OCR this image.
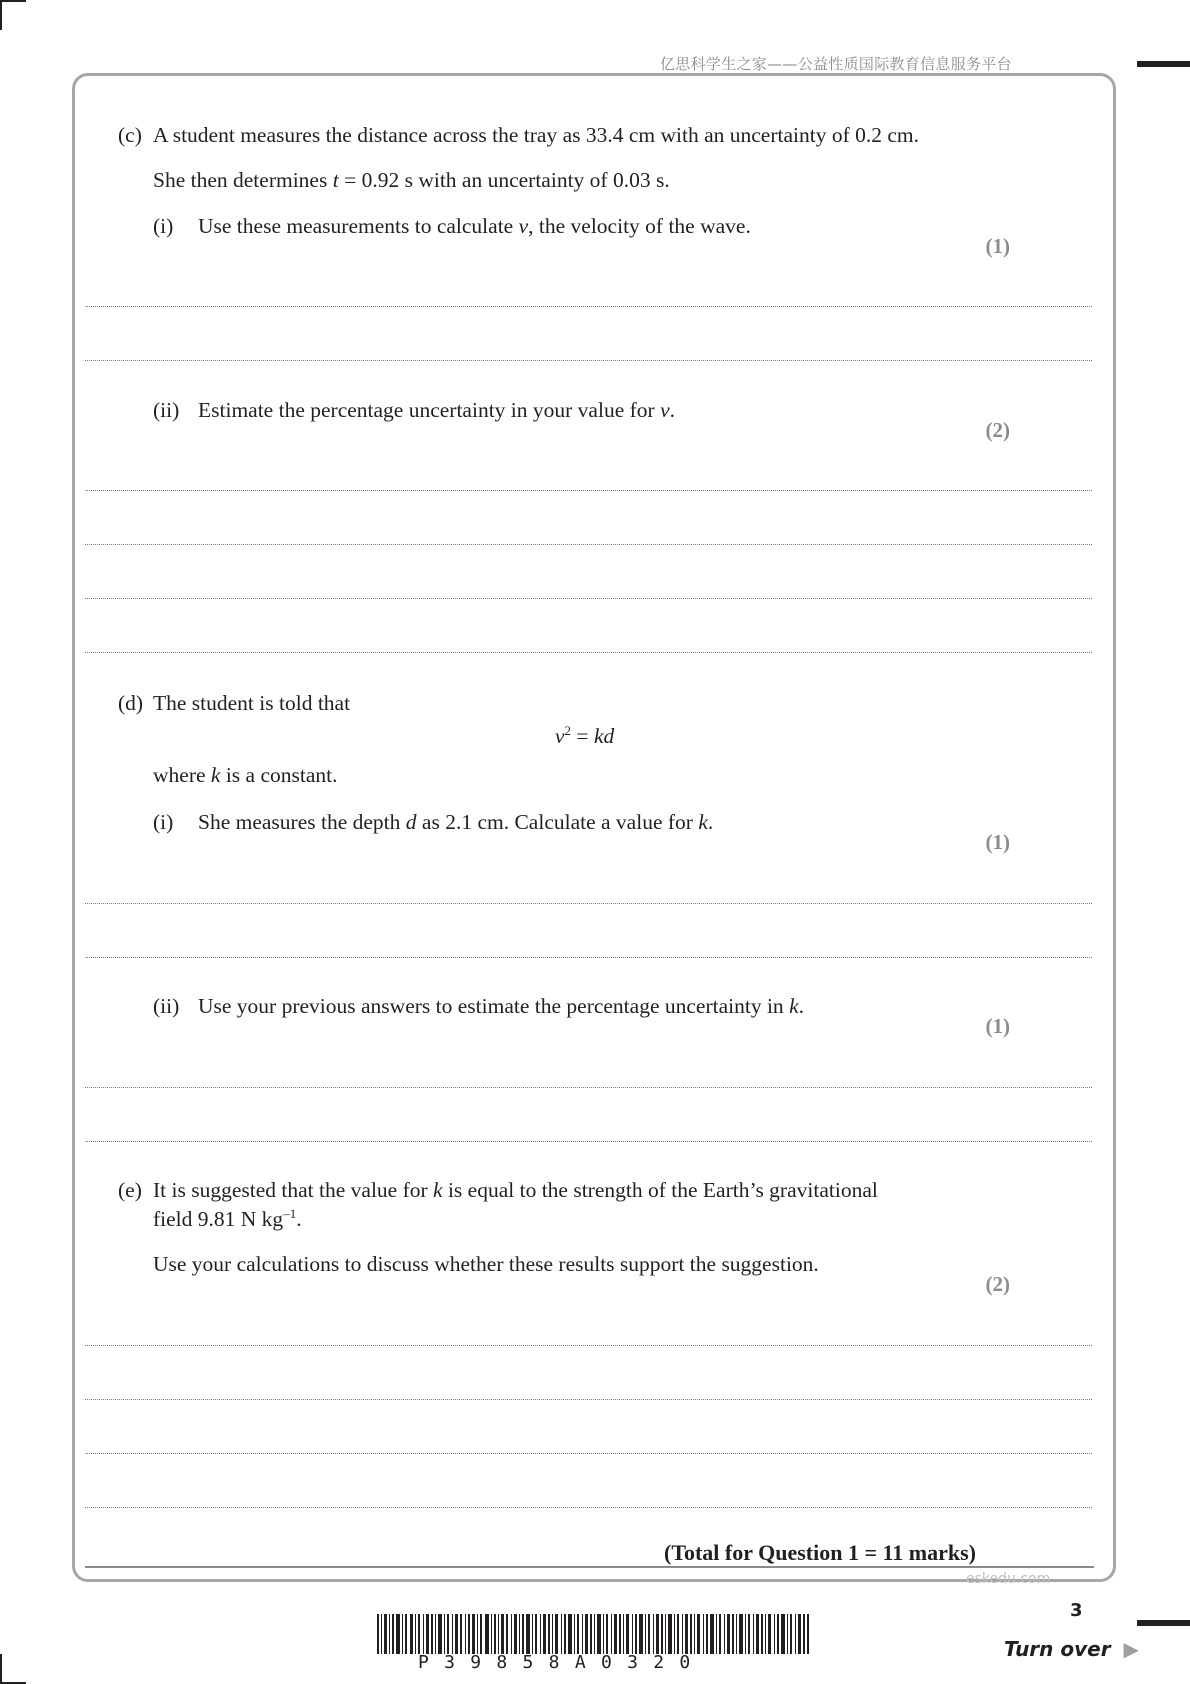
亿思科学生之家——公益性质国际教育信息服务平台
(c) A student measures the distance across the tray as 33.4 cm with an uncertainty of 0.2 cm.
She then determines t = 0.92 s with an uncertainty of 0.03 s.
(i) Use these measurements to calculate v, the velocity of the wave.
(1)
(ii) Estimate the percentage uncertainty in your value for v.
(2)
(d) The student is told that
$v^2$ = kd
where k is a constant.
(i) She measures the depth d as 2.1 cm. Calculate a value for k.
(1)
(ii) Use your previous answers to estimate the percentage uncertainty in k.
(1)
(e) It is suggested that the value for k is equal to the strength of the Earth’s gravitational
field 9.81 N $kg^{-1}$.
Use your calculations to discuss whether these results support the suggestion.
(2)
(Total for Question 1 = 11 marks)
eskedu.com
3
Turn over ▶
P39858A0320
